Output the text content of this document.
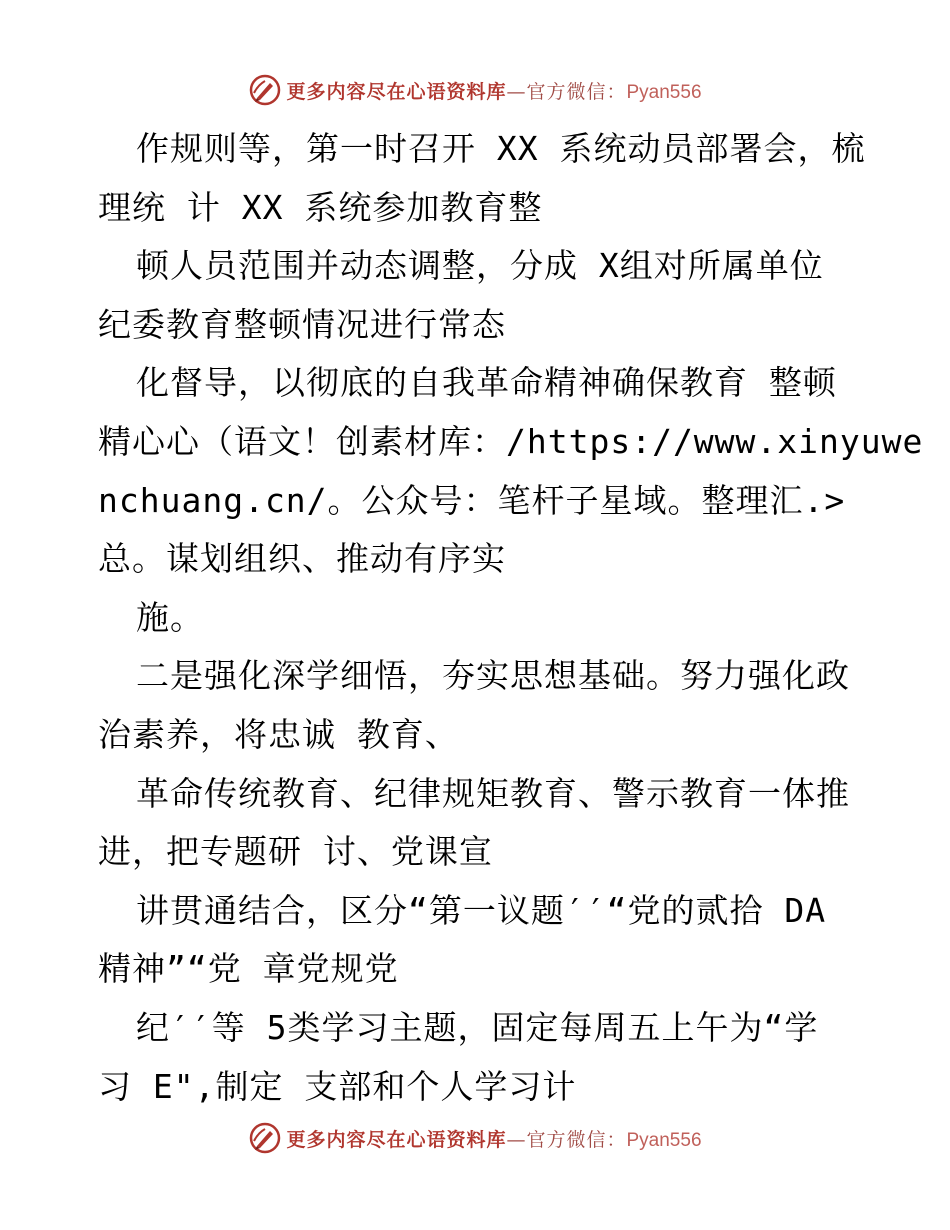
更多内容尽在心语资料库—官方微信：Pyan556
作规则等，第一时召开 XX 系统动员部署会，梳
理统 计 XX 系统参加教育整
顿人员范围并动态调整，分成 X组对所属单位
纪委教育整顿情况进行常态
化督导，以彻底的自我革命精神确保教育 整顿
精心心（语文！创素材库：/https://www.xinyuwe
nchuang.cn/。公众号：笔杆子星域。整理汇.>
总。谋划组织、推动有序实
施。
二是强化深学细悟，夯实思想基础。努力强化政
治素养，将忠诚 教育、
革命传统教育、纪律规矩教育、警示教育一体推
进，把专题研 讨、党课宣
讲贯通结合，区分“第一议题′′“党的贰拾 DA
精神”“党 章党规党
纪′′等 5类学习主题，固定每周五上午为“学
习 E",制定 支部和个人学习计
更多内容尽在心语资料库—官方微信：Pyan556
